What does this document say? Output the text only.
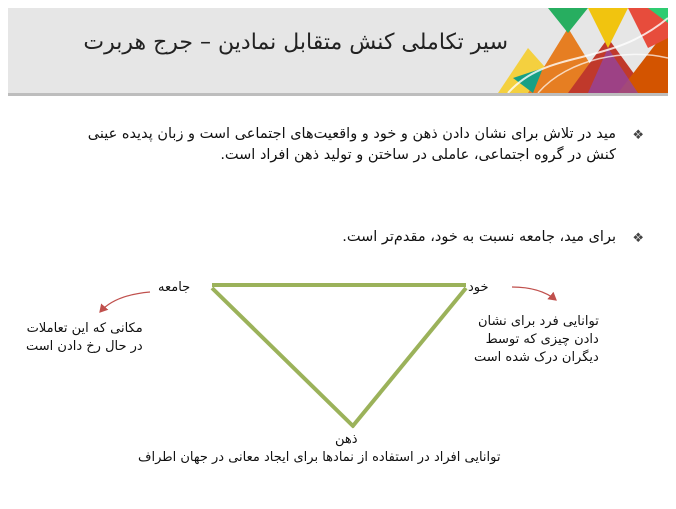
سیر تکاملی کنش متقابل نمادین – جرج هربرت
❖
مید در تلاش برای نشان دادن ذهن و خود و واقعیت‌های اجتماعی است و زبان پدیده عینی کنش در گروه اجتماعی، عاملی در ساختن و تولید ذهن افراد است.
❖
برای مید، جامعه نسبت به خود، مقدم‌تر است.
جامعه	خود
مکانی که این تعاملات
در حال رخ دادن است
توانایی فرد برای نشان
دادن چیزی که توسط
دیگران درک شده است
ذهن
توانایی افراد در استفاده از نمادها برای ایجاد معانی در جهان اطراف
